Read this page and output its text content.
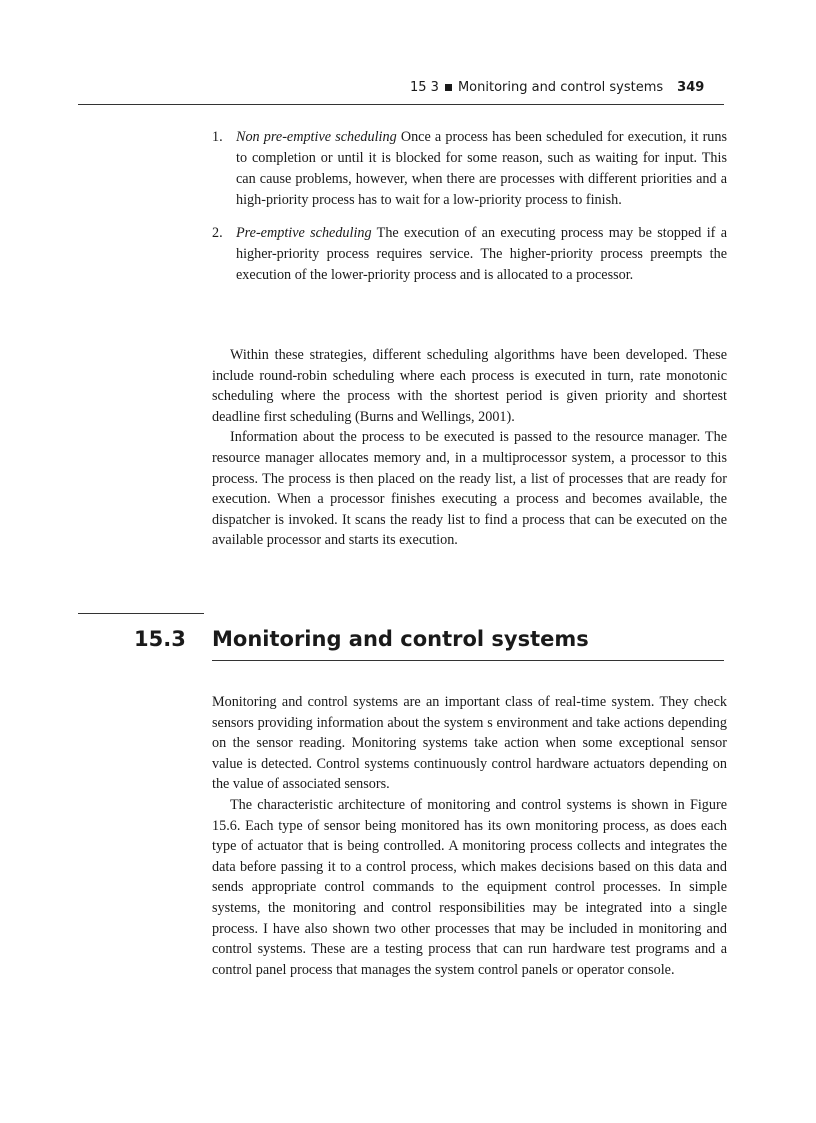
15 3 Monitoring and control systems 349
1. Non pre-emptive scheduling Once a process has been scheduled for execution, it runs to completion or until it is blocked for some reason, such as waiting for input. This can cause problems, however, when there are processes with different priorities and a high-priority process has to wait for a low-priority process to finish.
2. Pre-emptive scheduling The execution of an executing process may be stopped if a higher-priority process requires service. The higher-priority process preempts the execution of the lower-priority process and is allocated to a processor.

Within these strategies, different scheduling algorithms have been developed. These include round-robin scheduling where each process is executed in turn, rate monotonic scheduling where the process with the shortest period is given priority and shortest deadline first scheduling (Burns and Wellings, 2001).

Information about the process to be executed is passed to the resource manager. The resource manager allocates memory and, in a multiprocessor system, a processor to this process. The process is then placed on the ready list, a list of processes that are ready for execution. When a processor finishes executing a process and becomes available, the dispatcher is invoked. It scans the ready list to find a process that can be executed on the available processor and starts its execution.

15.3 Monitoring and control systems

Monitoring and control systems are an important class of real-time system. They check sensors providing information about the system s environment and take actions depending on the sensor reading. Monitoring systems take action when some exceptional sensor value is detected. Control systems continuously control hardware actuators depending on the value of associated sensors.

The characteristic architecture of monitoring and control systems is shown in Figure 15.6. Each type of sensor being monitored has its own monitoring process, as does each type of actuator that is being controlled. A monitoring process collects and integrates the data before passing it to a control process, which makes decisions based on this data and sends appropriate control commands to the equipment control processes. In simple systems, the monitoring and control responsibilities may be integrated into a single process. I have also shown two other processes that may be included in monitoring and control systems. These are a testing process that can run hardware test programs and a control panel process that manages the system control panels or operator console.
